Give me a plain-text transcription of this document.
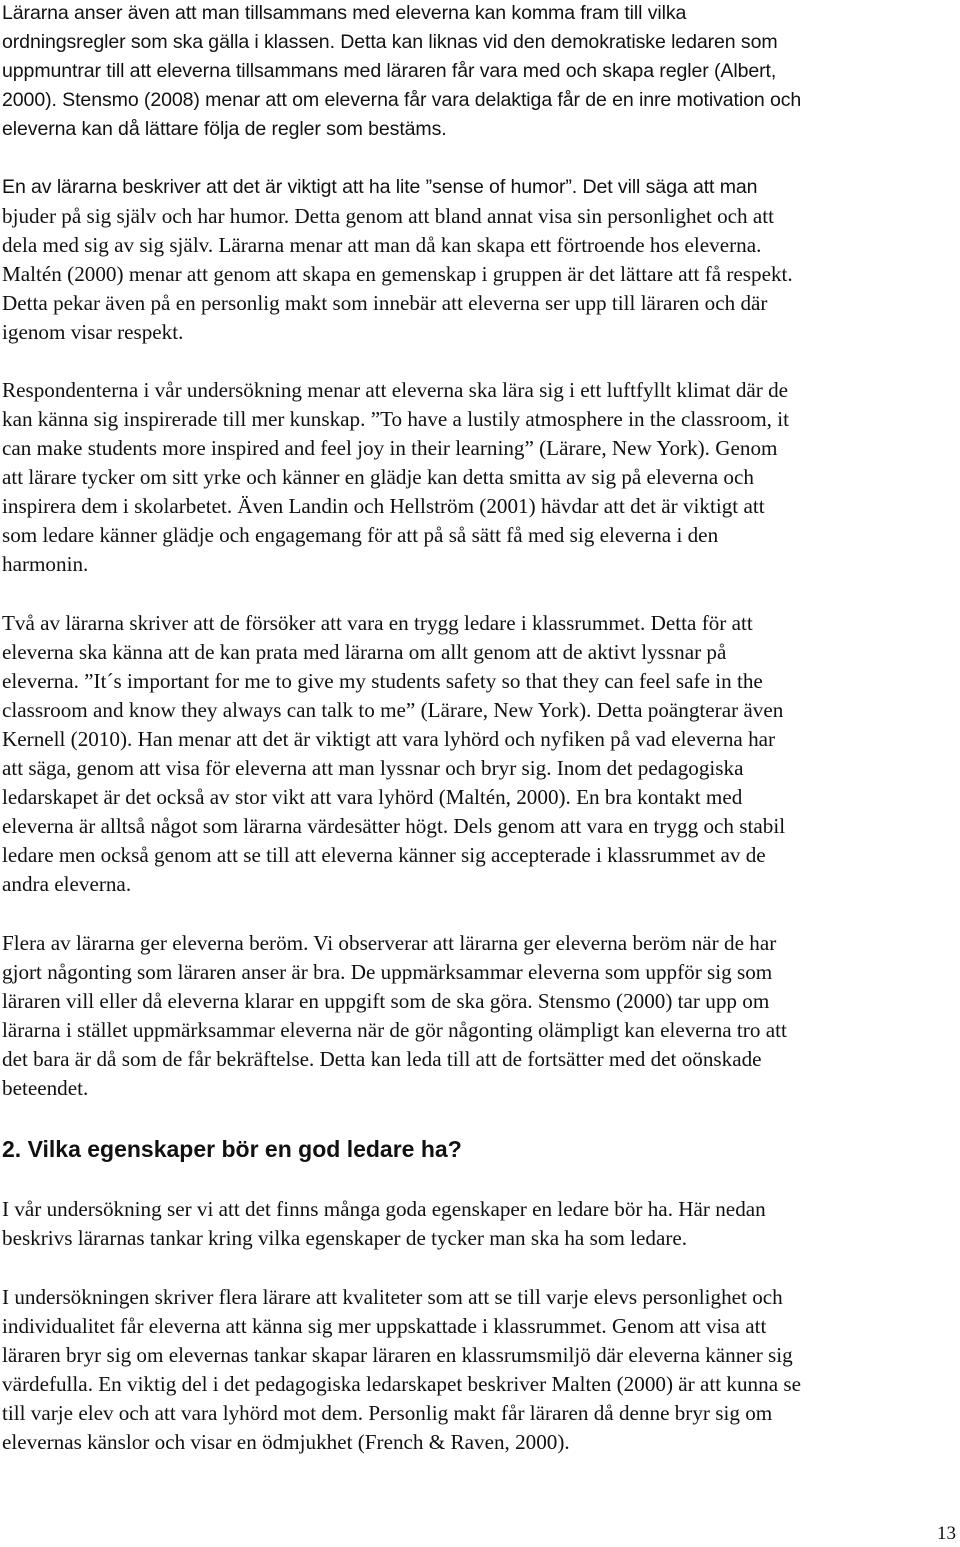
Lärarna anser även att man tillsammans med eleverna kan komma fram till vilka
ordningsregler som ska gälla i klassen. Detta kan liknas vid den demokratiske ledaren som
uppmuntrar till att eleverna tillsammans med läraren får vara med och skapa regler (Albert,
2000). Stensmo (2008) menar att om eleverna får vara delaktiga får de en inre motivation och
eleverna kan då lättare följa de regler som bestäms.
En av lärarna beskriver att det är viktigt att ha lite ”sense of humor”. Det vill säga att man
bjuder på sig själv och har humor. Detta genom att bland annat visa sin personlighet och att
dela med sig av sig själv. Lärarna menar att man då kan skapa ett förtroende hos eleverna.
Maltén (2000) menar att genom att skapa en gemenskap i gruppen är det lättare att få respekt.
Detta pekar även på en personlig makt som innebär att eleverna ser upp till läraren och där
igenom visar respekt.
Respondenterna i vår undersökning menar att eleverna ska lära sig i ett luftfyllt klimat där de
kan känna sig inspirerade till mer kunskap. ”To have a lustily atmosphere in the classroom, it
can make students more inspired and feel joy in their learning” (Lärare, New York). Genom
att lärare tycker om sitt yrke och känner en glädje kan detta smitta av sig på eleverna och
inspirera dem i skolarbetet. Även Landin och Hellström (2001) hävdar att det är viktigt att
som ledare känner glädje och engagemang för att på så sätt få med sig eleverna i den
harmonin.
Två av lärarna skriver att de försöker att vara en trygg ledare i klassrummet. Detta för att
eleverna ska känna att de kan prata med lärarna om allt genom att de aktivt lyssnar på
eleverna. ”It´s important for me to give my students safety so that they can feel safe in the
classroom and know they always can talk to me” (Lärare, New York). Detta poängterar även
Kernell (2010). Han menar att det är viktigt att vara lyhörd och nyfiken på vad eleverna har
att säga, genom att visa för eleverna att man lyssnar och bryr sig. Inom det pedagogiska
ledarskapet är det också av stor vikt att vara lyhörd (Maltén, 2000). En bra kontakt med
eleverna är alltså något som lärarna värdesätter högt. Dels genom att vara en trygg och stabil
ledare men också genom att se till att eleverna känner sig accepterade i klassrummet av de
andra eleverna.
Flera av lärarna ger eleverna beröm. Vi observerar att lärarna ger eleverna beröm när de har
gjort någonting som läraren anser är bra. De uppmärksammar eleverna som uppför sig som
läraren vill eller då eleverna klarar en uppgift som de ska göra. Stensmo (2000) tar upp om
lärarna i stället uppmärksammar eleverna när de gör någonting olämpligt kan eleverna tro att
det bara är då som de får bekräftelse. Detta kan leda till att de fortsätter med det oönskade
beteendet.
2. Vilka egenskaper bör en god ledare ha?
I vår undersökning ser vi att det finns många goda egenskaper en ledare bör ha. Här nedan
beskrivs lärarnas tankar kring vilka egenskaper de tycker man ska ha som ledare.
I undersökningen skriver flera lärare att kvaliteter som att se till varje elevs personlighet och
individualitet får eleverna att känna sig mer uppskattade i klassrummet. Genom att visa att
läraren bryr sig om elevernas tankar skapar läraren en klassrumsmiljö där eleverna känner sig
värdefulla. En viktig del i det pedagogiska ledarskapet beskriver Malten (2000) är att kunna se
till varje elev och att vara lyhörd mot dem. Personlig makt får läraren då denne bryr sig om
elevernas känslor och visar en ödmjukhet (French & Raven, 2000).
13
